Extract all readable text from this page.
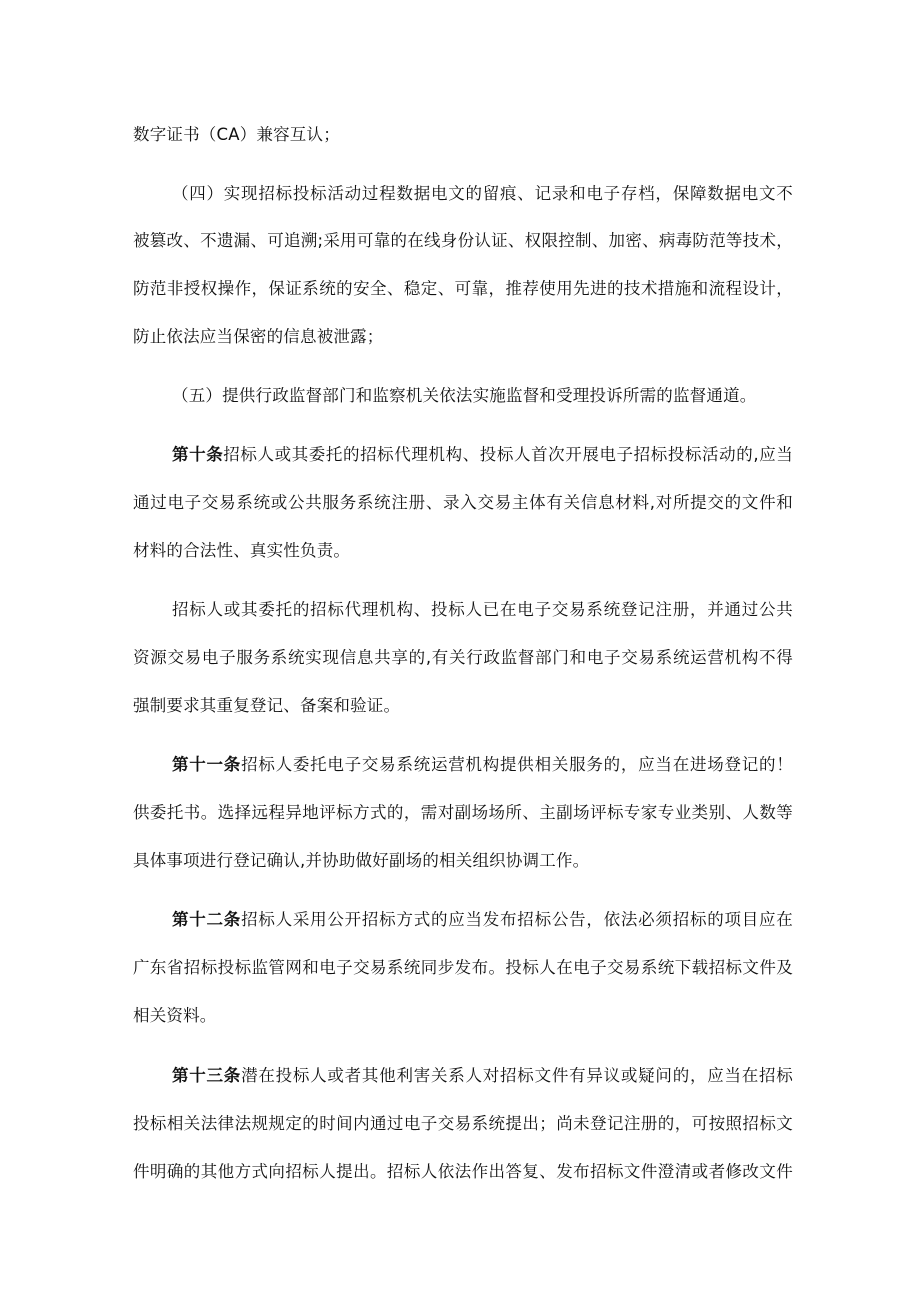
数字证书（CA）兼容互认；
（四）实现招标投标活动过程数据电文的留痕、记录和电子存档，保障数据电文不
被篡改、不遗漏、可追溯;采用可靠的在线身份认证、权限控制、加密、病毒防范等技术，
防范非授权操作，保证系统的安全、稳定、可靠，推荐使用先进的技术措施和流程设计，
防止依法应当保密的信息被泄露；
（五）提供行政监督部门和监察机关依法实施监督和受理投诉所需的监督通道。
第十条招标人或其委托的招标代理机构、投标人首次开展电子招标投标活动的,应当
通过电子交易系统或公共服务系统注册、录入交易主体有关信息材料,对所提交的文件和
材料的合法性、真实性负责。
招标人或其委托的招标代理机构、投标人已在电子交易系统登记注册，并通过公共
资源交易电子服务系统实现信息共享的,有关行政监督部门和电子交易系统运营机构不得
强制要求其重复登记、备案和验证。
第十一条招标人委托电子交易系统运营机构提供相关服务的，应当在进场登记的！
供委托书。选择远程异地评标方式的，需对副场场所、主副场评标专家专业类别、人数等
具体事项进行登记确认,并协助做好副场的相关组织协调工作。
第十二条招标人采用公开招标方式的应当发布招标公告，依法必须招标的项目应在
广东省招标投标监管网和电子交易系统同步发布。投标人在电子交易系统下载招标文件及
相关资料。
第十三条潜在投标人或者其他利害关系人对招标文件有异议或疑问的，应当在招标
投标相关法律法规规定的时间内通过电子交易系统提出；尚未登记注册的，可按照招标文
件明确的其他方式向招标人提出。招标人依法作出答复、发布招标文件澄清或者修改文件
